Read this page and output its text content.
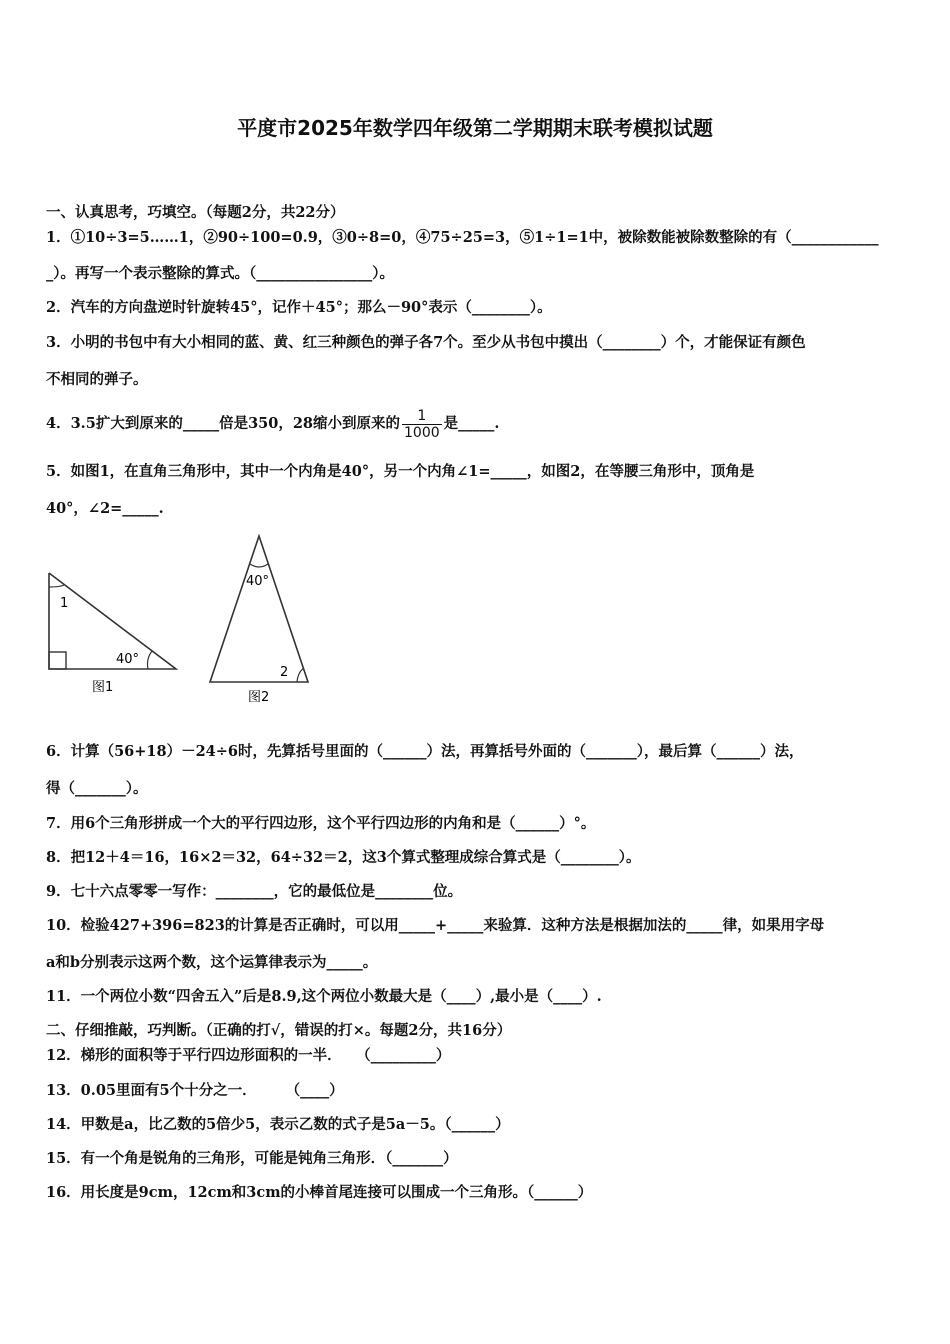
平度市2025年数学四年级第二学期期末联考模拟试题
一、认真思考，巧填空。（每题2分，共22分）
1．①10÷3=5……1，②90÷100=0.9，③0÷8=0，④75÷25=3，⑤1÷1=1中，被除数能被除数整除的有（____________
_）。再写一个表示整除的算式。（________________）。
2．汽车的方向盘逆时针旋转45°，记作＋45°；那么－90°表示（________）。
3．小明的书包中有大小相同的蓝、黄、红三种颜色的弹子各7个。至少从书包中摸出（________）个，才能保证有颜色
不相同的弹子。
4．3.5扩大到原来的_____倍是350，28缩小到原来的 $\frac{1}{1000}$ 是_____.
5．如图1，在直角三角形中，其中一个内角是40°，另一个内角∠1=_____，如图2，在等腰三角形中，顶角是
40°，∠2=_____.
1
40°
图1
40°
2
图2
6．计算（56+18）－24÷6时，先算括号里面的（______）法，再算括号外面的（_______），最后算（______）法，
得（_______）。
7．用6个三角形拼成一个大的平行四边形，这个平行四边形的内角和是（______）°。
8．把12＋4＝16，16×2＝32，64÷32＝2，这3个算式整理成综合算式是（________）。
9．七十六点零零一写作：________，它的最低位是________位。
10．检验427+396=823的计算是否正确时，可以用_____+_____来验算．这种方法是根据加法的_____律，如果用字母
a和b分别表示这两个数，这个运算律表示为_____。
11．一个两位小数“四舍五入”后是8.9,这个两位小数最大是（____）,最小是（____）.
二、仔细推敲，巧判断。（正确的打√，错误的打×。每题2分，共16分）
12．梯形的面积等于平行四边形面积的一半．　　（_________）
13．0.05里面有5个十分之一．　　　（____）
14．甲数是a，比乙数的5倍少5，表示乙数的式子是5a－5。（______）
15．有一个角是锐角的三角形，可能是钝角三角形．（_______）
16．用长度是9cm，12cm和3cm的小棒首尾连接可以围成一个三角形。（______）
